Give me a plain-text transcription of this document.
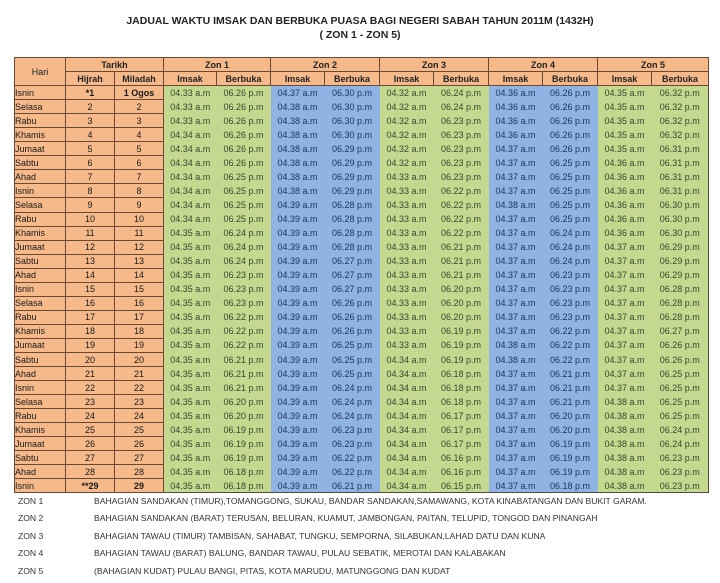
JADUAL WAKTU IMSAK DAN BERBUKA PUASA BAGI NEGERI SABAH TAHUN 2011M (1432H)
( ZON 1 - ZON 5)
Hari	Tarikh		Zon 1		Zon 2		Zon 3		Zon 4		Zon 5	
	Hijrah	Miladah	Imsak	Berbuka	Imsak	Berbuka	Imsak	Berbuka	Imsak	Berbuka	Imsak	Berbuka
Isnin	*1	1 Ogos	04.33 a.m	06.26 p.m	04.37 a.m	06.30 p.m	04.32 a.m	06.24 p.m	04.36 a.m	06.26 p.m	04.35 a.m	06.32 p.m
Selasa	2	2	04.33 a.m	06.26 p.m	04.38 a.m	06.30 p.m	04.32 a.m	06.24 p.m	04.36 a.m	06.26 p.m	04.35 a.m	06.32 p.m
Rabu	3	3	04.33 a.m	06.26 p.m	04.38 a.m	06.30 p.m	04.32 a.m	06.23 p.m	04.36 a.m	06.26 p.m	04.35 a.m	06.32 p.m
Khamis	4	4	04.34 a.m	06.26 p.m	04.38 a.m	06.30 p.m	04.32 a.m	06.23 p.m	04.36 a.m	06.26 p.m	04.35 a.m	06.32 p.m
Jumaat	5	5	04.34 a.m	06.26 p.m	04.38 a.m	06.29 p.m	04.32 a.m	06.23 p.m	04.37 a.m	06.26 p.m	04.35 a.m	06.31 p.m
Sabtu	6	6	04.34 a.m	06.26 p.m	04.38 a.m	06.29 p.m	04.32 a.m	06.23 p.m	04.37 a.m	06.25 p.m	04.36 a.m	06.31 p.m
Ahad	7	7	04.34 a.m	06.25 p.m	04.38 a.m	06.29 p.m	04.33 a.m	06.23 p.m	04.37 a.m	06.25 p.m	04.36 a.m	06.31 p.m
Isnin	8	8	04.34 a.m	06.25 p.m	04.38 a.m	06.29 p.m	04.33 a.m	06.22 p.m	04.37 a.m	06.25 p.m	04.36 a.m	06.31 p.m
Selasa	9	9	04.34 a.m	06.25 p.m	04.39 a.m	06.28 p.m	04.33 a.m	06.22 p.m	04.38 a.m	06.25 p.m	04.36 a.m	06.30 p.m
Rabu	10	10	04.34 a.m	06.25 p.m	04.39 a.m	06.28 p.m	04.33 a.m	06.22 p.m	04.37 a.m	06.25 p.m	04.36 a.m	06.30 p.m
Khamis	11	11	04.35 a.m	06.24 p.m	04.39 a.m	06.28 p.m	04.33 a.m	06.22 p.m	04.37 a.m	06.24 p.m	04.36 a.m	06.30 p.m
Jumaat	12	12	04.35 a.m	06.24 p.m	04.39 a.m	06.28 p.m	04.33 a.m	06.21 p.m	04.37 a.m	06.24 p.m	04.37 a.m	06.29 p.m
Sabtu	13	13	04.35 a.m	06.24 p.m	04.39 a.m	06.27 p.m	04.33 a.m	06.21 p.m	04.37 a.m	06.24 p.m	04.37 a.m	06.29 p.m
Ahad	14	14	04.35 a.m	06.23 p.m	04.39 a.m	06.27 p.m	04.33 a.m	06.21 p.m	04.37 a.m	06.23 p.m	04.37 a.m	06.29 p.m
Isnin	15	15	04.35 a.m	06.23 p.m	04.39 a.m	06.27 p.m	04.33 a.m	06.20 p.m	04.37 a.m	06.23 p.m	04.37 a.m	06.28 p.m
Selasa	16	16	04.35 a.m	06.23 p.m	04.39 a.m	06.26 p.m	04.33 a.m	06.20 p.m	04.37 a.m	06.23 p.m	04.37 a.m	06.28 p.m
Rabu	17	17	04.35 a.m	06.22 p.m	04.39 a.m	06.26 p.m	04.33 a.m	06.20 p.m	04.37 a.m	06.23 p.m	04.37 a.m	06.28 p.m
Khamis	18	18	04.35 a.m	06.22 p.m	04.39 a.m	06.26 p.m	04.33 a.m	06.19 p.m	04.37 a.m	06.22 p.m	04.37 a.m	06.27 p.m
Jumaat	19	19	04.35 a.m	06.22 p.m	04.39 a.m	06.25 p.m	04.33 a.m	06.19 p.m	04.38 a.m	06.22 p.m	04.37 a.m	06.26 p.m
Sabtu	20	20	04.35 a.m	06.21 p.m	04.39 a.m	06.25 p.m	04.34 a.m	06.19 p.m	04.38 a.m	06.22 p.m	04.37 a.m	06.26 p.m
Ahad	21	21	04.35 a.m	06.21 p.m	04.39 a.m	06.25 p.m	04.34 a.m	06.18 p.m	04.37 a.m	06.21 p.m	04.37 a.m	06.25 p.m
Isnin	22	22	04.35 a.m	06.21 p.m	04.39 a.m	06.24 p.m	04.34 a.m	06.18 p.m	04.37 a.m	06.21 p.m	04.37 a.m	06.25 p.m
Selasa	23	23	04.35 a.m	06.20 p.m	04.39 a.m	06.24 p.m	04.34 a.m	06.18 p.m	04.37 a.m	06.21 p.m	04.38 a.m	06.25 p.m
Rabu	24	24	04.35 a.m	06.20 p.m	04.39 a.m	06.24 p.m	04.34 a.m	06.17 p.m	04.37 a.m	06.20 p.m	04.38 a.m	06.25 p.m
Khamis	25	25	04.35 a.m	06.19 p.m	04.39 a.m	06.23 p.m	04.34 a.m	06.17 p.m	04.37 a.m	06.20 p.m	04.38 a.m	06.24 p.m
Jumaat	26	26	04.35 a.m	06.19 p.m	04.39 a.m	06.23 p.m	04.34 a.m	06.17 p.m	04.37 a.m	06.19 p.m	04.38 a.m	06.24 p.m
Sabtu	27	27	04.35 a.m	06.19 p.m	04.39 a.m	06.22 p.m	04.34 a.m	06.16 p.m	04.37 a.m	06.19 p.m	04.38 a.m	06.23 p.m
Ahad	28	28	04.35 a.m	06.18 p.m	04.39 a.m	06.22 p.m	04.34 a.m	06.16 p.m	04.37 a.m	06.19 p.m	04.38 a.m	06.23 p.m
Isnin	**29	29	04.35 a.m	06.18 p.m	04.39 a.m	06.21 p.m	04.34 a.m	06.15 p.m	04.37 a.m	06.18 p.m	04.38 a.m	06.23 p.m
ZON 1	BAHAGIAN SANDAKAN (TIMUR),TOMANGGONG, SUKAU, BANDAR SANDAKAN,SAMAWANG, KOTA KINABATANGAN DAN BUKIT GARAM.
ZON 2	BAHAGIAN SANDAKAN (BARAT) TERUSAN, BELURAN, KUAMUT, JAMBONGAN, PAITAN, TELUPID, TONGOD DAN PINANGAH
ZON 3	BAHAGIAN TAWAU (TIMUR) TAMBISAN, SAHABAT, TUNGKU, SEMPORNA, SILABUKAN,LAHAD DATU DAN KUNA
ZON 4	BAHAGIAN TAWAU (BARAT) BALUNG, BANDAR TAWAU, PULAU SEBATIK, MEROTAI DAN KALABAKAN
ZON 5	(BAHAGIAN KUDAT) PULAU BANGI, PITAS, KOTA MARUDU, MATUNGGONG DAN KUDAT
